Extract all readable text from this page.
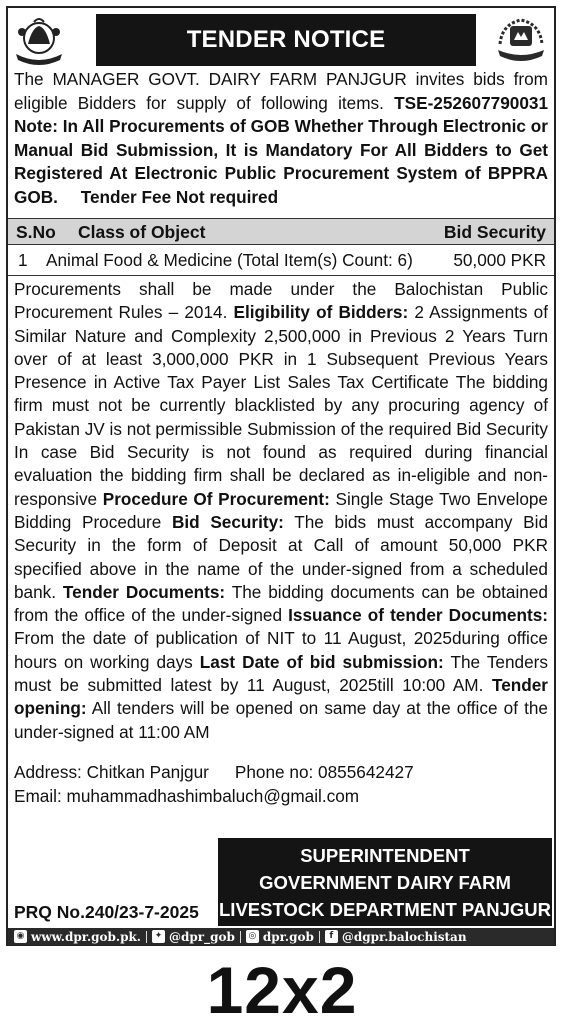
TENDER NOTICE
The MANAGER GOVT. DAIRY FARM PANJGUR invites bids from eligible Bidders for supply of following items. TSE-252607790031 Note: In All Procurements of GOB Whether Through Electronic or Manual Bid Submission, It is Mandatory For All Bidders to Get Registered At Electronic Public Procurement System of BPPRA GOB. Tender Fee Not required
S.No Class of Object	Bid Security
1 Animal Food & Medicine (Total Item(s) Count: 6) 50,000 PKR

Procurements shall be made under the Balochistan Public Procurement Rules – 2014. Eligibility of Bidders: 2 Assignments of Similar Nature and Complexity 2,500,000 in Previous 2 Years Turn over of at least 3,000,000 PKR in 1 Subsequent Previous Years Presence in Active Tax Payer List Sales Tax Certificate The bidding firm must not be currently blacklisted by any procuring agency of Pakistan JV is not permissible Submission of the required Bid Security In case Bid Security is not found as required during financial evaluation the bidding firm shall be declared as in-eligible and non-responsive Procedure Of Procurement: Single Stage Two Envelope Bidding Procedure Bid Security: The bids must accompany Bid Security in the form of Deposit at Call of amount 50,000 PKR specified above in the name of the under-signed from a scheduled bank. Tender Documents: The bidding documents can be obtained from the office of the under-signed Issuance of tender Documents: From the date of publication of NIT to 11 August, 2025during office hours on working days Last Date of bid submission: The Tenders must be submitted latest by 11 August, 2025till 10:00 AM. Tender opening: All tenders will be opened on same day at the office of the under-signed at 11:00 AM

Address: Chitkan Panjgur Phone no: 0855642427
Email: muhammadhashimbaluch@gmail.com
SUPERINTENDENT
GOVERNMENT DAIRY FARM
LIVESTOCK DEPARTMENT PANJGUR
PRQ No.240/23-7-2025
◉ www.dpr.gob.pk.	✦ @dpr_gob ◎ dpr.gob	f @dgpr.balochistan
12x2
